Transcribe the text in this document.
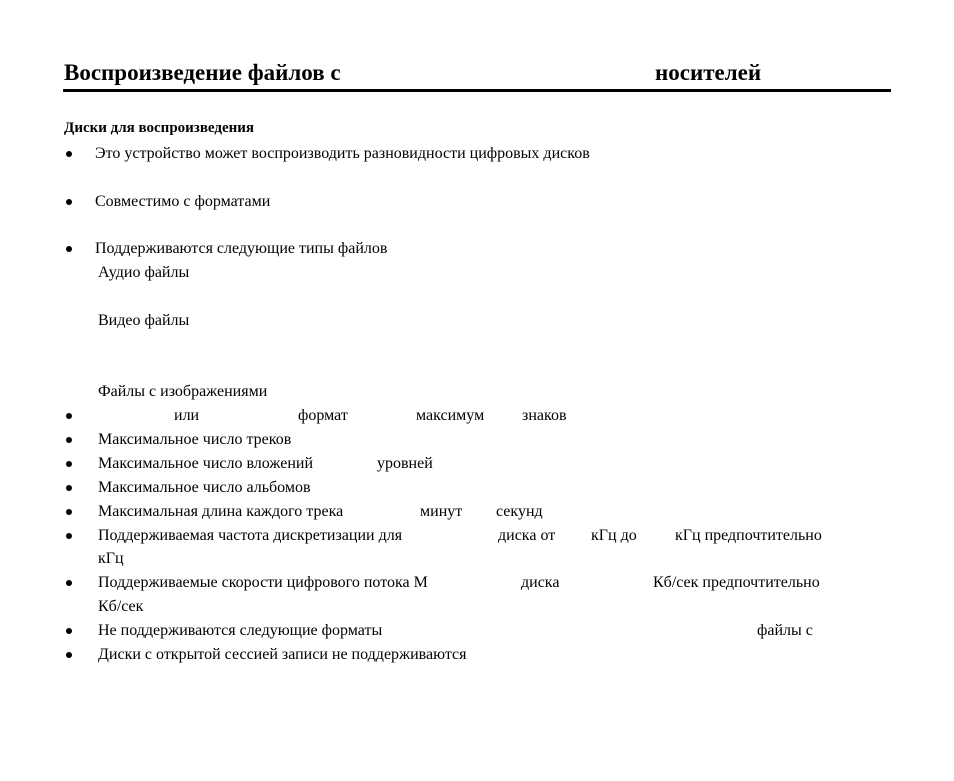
Воспроизведение файлов с	носителей
Диски для воспроизведения
Это устройство может воспроизводить разновидности цифровых дисков
Совместимо с форматами
Поддерживаются следующие типы файлов
Аудио файлы
Видео файлы
Файлы с изображениями
или	формат	максимум знаков
Максимальное число треков
Максимальное число вложений	уровней
Максимальное число альбомов
Максимальная длина каждого трека	минут секунд
Поддерживаемая частота дискретизации для	диска от кГц до кГц предпочтительно
кГц
Поддерживаемые скорости цифрового потока М	диска	Кб/сек предпочтительно
Кб/сек
Не поддерживаются следующие форматы	файлы с
Диски с открытой сессией записи не поддерживаются
